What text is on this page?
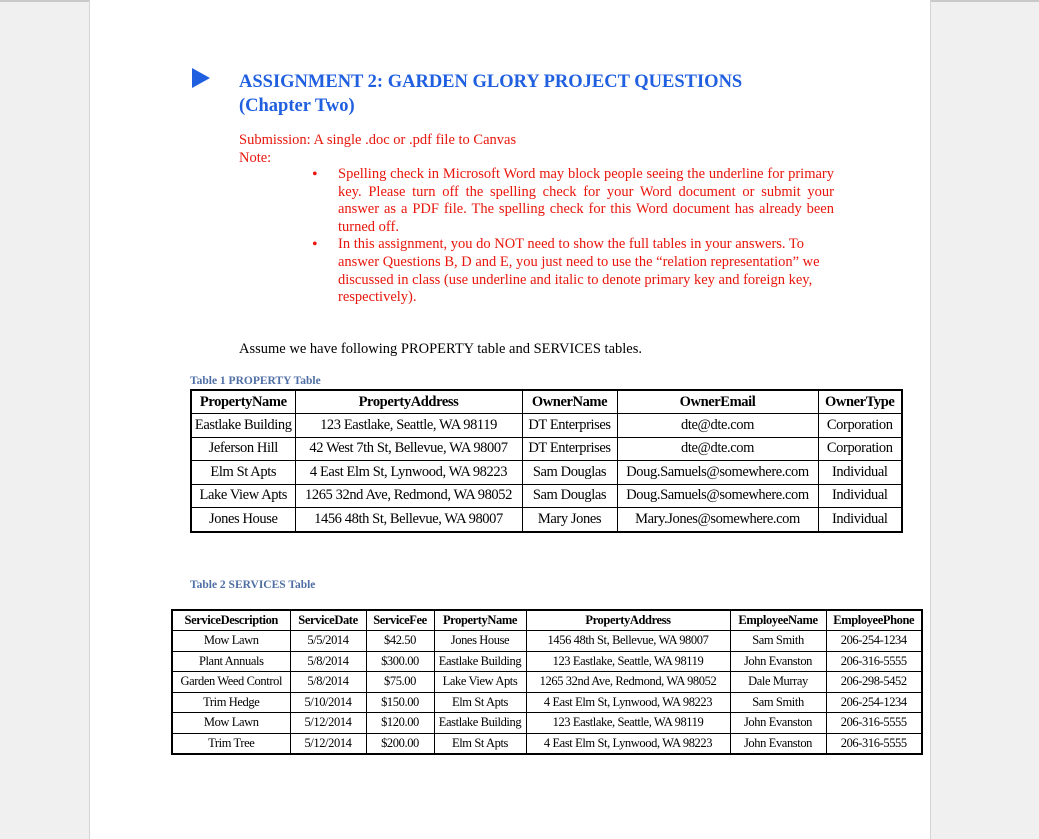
ASSIGNMENT 2: GARDEN GLORY PROJECT QUESTIONS
(Chapter Two)
Submission: A single .doc or .pdf file to Canvas
Note:
• Spelling check in Microsoft Word may block people seeing the underline for primary key. Please turn off the spelling check for your Word document or submit your answer as a PDF file. The spelling check for this Word document has already been turned off.
• In this assignment, you do NOT need to show the full tables in your answers. To answer Questions B, D and E, you just need to use the “relation representation” we discussed in class (use underline and italic to denote primary key and foreign key, respectively).
Assume we have following PROPERTY table and SERVICES tables.
Table 1 PROPERTY Table
PropertyName	PropertyAddress	OwnerName	OwnerEmail	OwnerType
Eastlake Building	123 Eastlake, Seattle, WA 98119	DT Enterprises	dte@dte.com	Corporation
Jeferson Hill	42 West 7th St, Bellevue, WA 98007	DT Enterprises	dte@dte.com	Corporation
Elm St Apts	4 East Elm St, Lynwood, WA 98223	Sam Douglas	Doug.Samuels@somewhere.com	Individual
Lake View Apts	1265 32nd Ave, Redmond, WA 98052	Sam Douglas	Doug.Samuels@somewhere.com	Individual
Jones House	1456 48th St, Bellevue, WA 98007	Mary Jones	Mary.Jones@somewhere.com	Individual
Table 2 SERVICES Table
ServiceDescription	ServiceDate	ServiceFee	PropertyName	PropertyAddress	EmployeeName	EmployeePhone
Mow Lawn	5/5/2014	$42.50	Jones House	1456 48th St, Bellevue, WA 98007	Sam Smith	206-254-1234
Plant Annuals	5/8/2014	$300.00	Eastlake Building	123 Eastlake, Seattle, WA 98119	John Evanston	206-316-5555
Garden Weed Control	5/8/2014	$75.00	Lake View Apts	1265 32nd Ave, Redmond, WA 98052	Dale Murray	206-298-5452
Trim Hedge	5/10/2014	$150.00	Elm St Apts	4 East Elm St, Lynwood, WA 98223	Sam Smith	206-254-1234
Mow Lawn	5/12/2014	$120.00	Eastlake Building	123 Eastlake, Seattle, WA 98119	John Evanston	206-316-5555
Trim Tree	5/12/2014	$200.00	Elm St Apts	4 East Elm St, Lynwood, WA 98223	John Evanston	206-316-5555
